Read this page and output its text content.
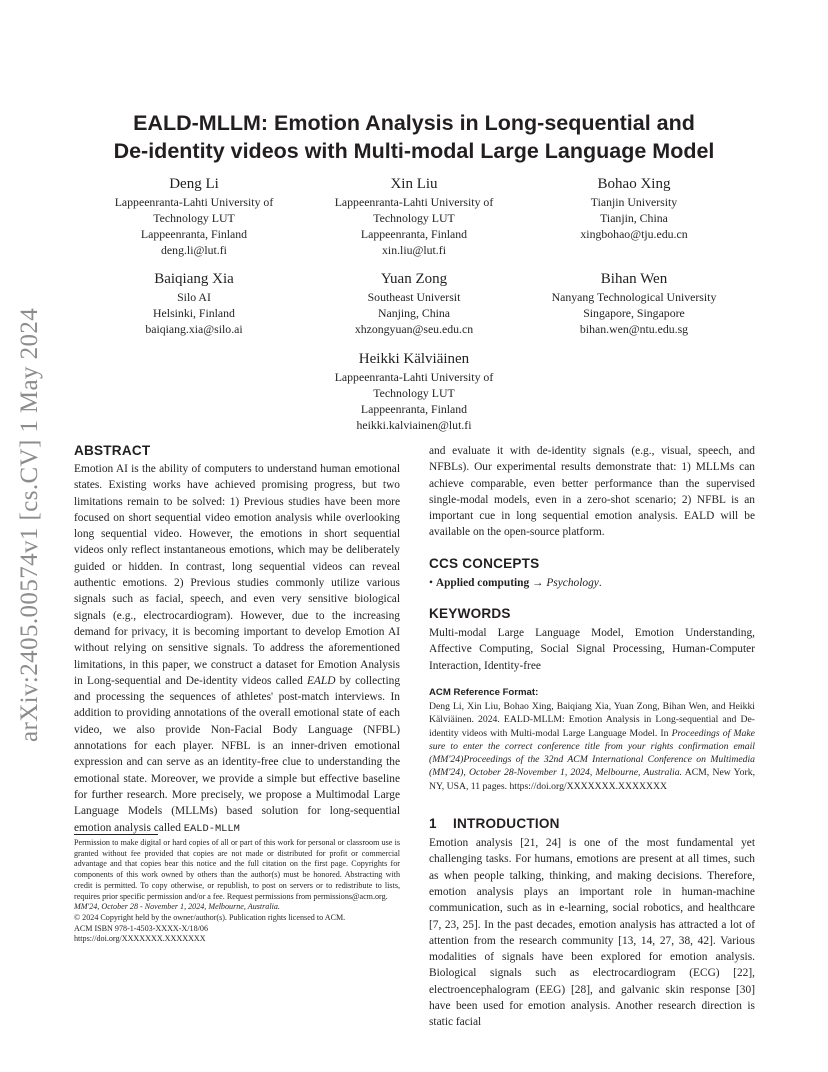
arXiv:2405.00574v1 [cs.CV] 1 May 2024
EALD-MLLM: Emotion Analysis in Long-sequential and
De-identity videos with Multi-modal Large Language Model
Deng Li
Lappeenranta-Lahti University of
Technology LUT
Lappeenranta, Finland
deng.li@lut.fi
Xin Liu
Lappeenranta-Lahti University of
Technology LUT
Lappeenranta, Finland
xin.liu@lut.fi
Bohao Xing
Tianjin University
Tianjin, China
xingbohao@tju.edu.cn
Baiqiang Xia
Silo AI
Helsinki, Finland
baiqiang.xia@silo.ai
Yuan Zong
Southeast Universit
Nanjing, China
xhzongyuan@seu.edu.cn
Bihan Wen
Nanyang Technological University
Singapore, Singapore
bihan.wen@ntu.edu.sg
Heikki Kälviäinen
Lappeenranta-Lahti University of
Technology LUT
Lappeenranta, Finland
heikki.kalviainen@lut.fi
ABSTRACT

Emotion AI is the ability of computers to understand human emotional states. Existing works have achieved promising progress, but two limitations remain to be solved: 1) Previous studies have been more focused on short sequential video emotion analysis while overlooking long sequential video. However, the emotions in short sequential videos only reflect instantaneous emotions, which may be deliberately guided or hidden. In contrast, long sequential videos can reveal authentic emotions. 2) Previous studies commonly utilize various signals such as facial, speech, and even very sensitive biological signals (e.g., electrocardiogram). However, due to the increasing demand for privacy, it is becoming important to develop Emotion AI without relying on sensitive signals. To address the aforementioned limitations, in this paper, we construct a dataset for Emotion Analysis in Long-sequential and De-identity videos called EALD by collecting and processing the sequences of athletes' post-match interviews. In addition to providing annotations of the overall emotional state of each video, we also provide Non-Facial Body Language (NFBL) annotations for each player. NFBL is an inner-driven emotional expression and can serve as an identity-free clue to understanding the emotional state. Moreover, we provide a simple but effective baseline for further research. More precisely, we propose a Multimodal Large Language Models (MLLMs) based solution for long-sequential emotion analysis called EALD-MLLM

Permission to make digital or hard copies of all or part of this work for personal or classroom use is granted without fee provided that copies are not made or distributed for profit or commercial advantage and that copies bear this notice and the full citation on the first page. Copyrights for components of this work owned by others than the author(s) must be honored. Abstracting with credit is permitted. To copy otherwise, or republish, to post on servers or to redistribute to lists, requires prior specific permission and/or a fee. Request permissions from permissions@acm.org.

MM'24, October 28 - November 1, 2024, Melbourne, Australia.

© 2024 Copyright held by the owner/author(s). Publication rights licensed to ACM.

ACM ISBN 978-1-4503-XXXX-X/18/06

https://doi.org/XXXXXXX.XXXXXXX

and evaluate it with de-identity signals (e.g., visual, speech, and NFBLs). Our experimental results demonstrate that: 1) MLLMs can achieve comparable, even better performance than the supervised single-modal models, even in a zero-shot scenario; 2) NFBL is an important cue in long sequential emotion analysis. EALD will be available on the open-source platform.

CCS CONCEPTS

• Applied computing → Psychology.

KEYWORDS

Multi-modal Large Language Model, Emotion Understanding, Affective Computing, Social Signal Processing, Human-Computer Interaction, Identity-free

ACM Reference Format:

Deng Li, Xin Liu, Bohao Xing, Baiqiang Xia, Yuan Zong, Bihan Wen, and Heikki Kälviäinen. 2024. EALD-MLLM: Emotion Analysis in Long-sequential and De-identity videos with Multi-modal Large Language Model. In Proceedings of Make sure to enter the correct conference title from your rights confirmation email (MM'24)Proceedings of the 32nd ACM International Conference on Multimedia (MM'24), October 28-November 1, 2024, Melbourne, Australia. ACM, New York, NY, USA, 11 pages. https://doi.org/XXXXXXX.XXXXXXX

1 INTRODUCTION

Emotion analysis [21, 24] is one of the most fundamental yet challenging tasks. For humans, emotions are present at all times, such as when people talking, thinking, and making decisions. Therefore, emotion analysis plays an important role in human-machine communication, such as in e-learning, social robotics, and healthcare [7, 23, 25]. In the past decades, emotion analysis has attracted a lot of attention from the research community [13, 14, 27, 38, 42]. Various modalities of signals have been explored for emotion analysis. Biological signals such as electrocardiogram (ECG) [22], electroencephalogram (EEG) [28], and galvanic skin response [30] have been used for emotion analysis. Another research direction is static facial
